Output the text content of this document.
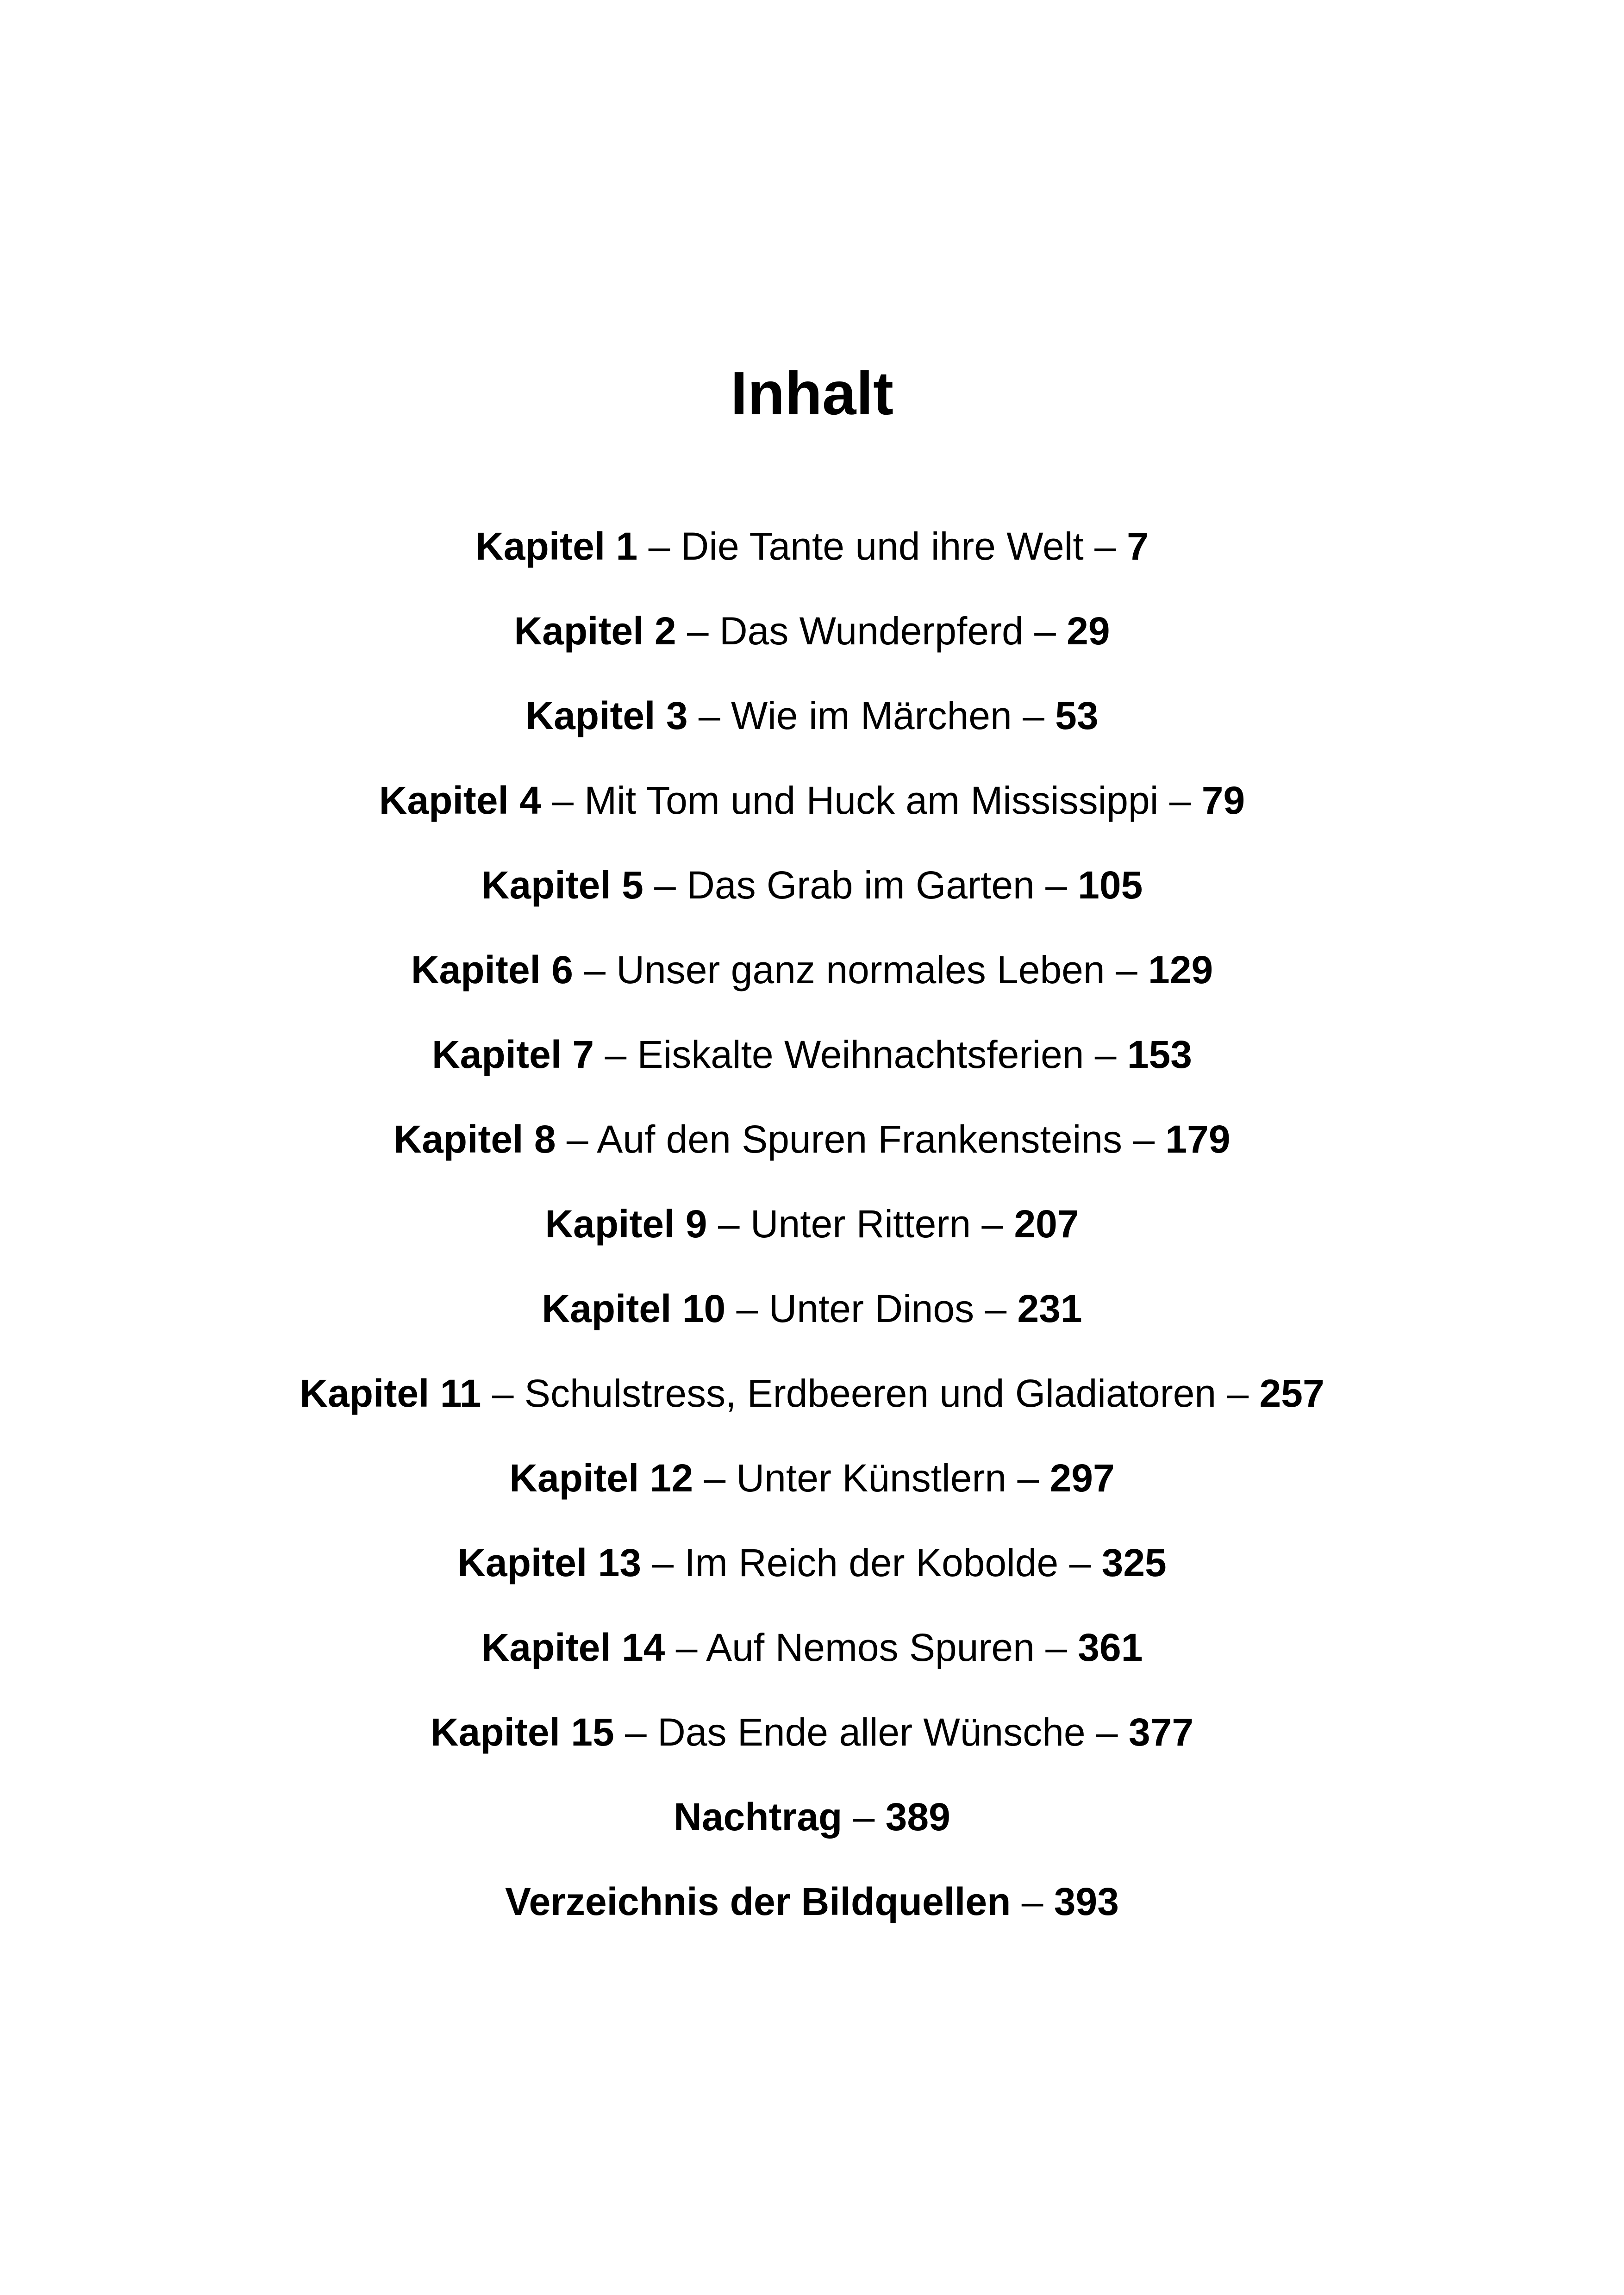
Inhalt
Kapitel 1 – Die Tante und ihre Welt – 7
Kapitel 2 – Das Wunderpferd – 29
Kapitel 3 – Wie im Märchen – 53
Kapitel 4 – Mit Tom und Huck am Mississippi – 79
Kapitel 5 – Das Grab im Garten – 105
Kapitel 6 – Unser ganz normales Leben – 129
Kapitel 7 – Eiskalte Weihnachtsferien – 153
Kapitel 8 – Auf den Spuren Frankensteins – 179
Kapitel 9 – Unter Rittern – 207
Kapitel 10 – Unter Dinos – 231
Kapitel 11 – Schulstress, Erdbeeren und Gladiatoren – 257
Kapitel 12 – Unter Künstlern – 297
Kapitel 13 – Im Reich der Kobolde – 325
Kapitel 14 – Auf Nemos Spuren – 361
Kapitel 15 – Das Ende aller Wünsche – 377
Nachtrag – 389
Verzeichnis der Bildquellen – 393
